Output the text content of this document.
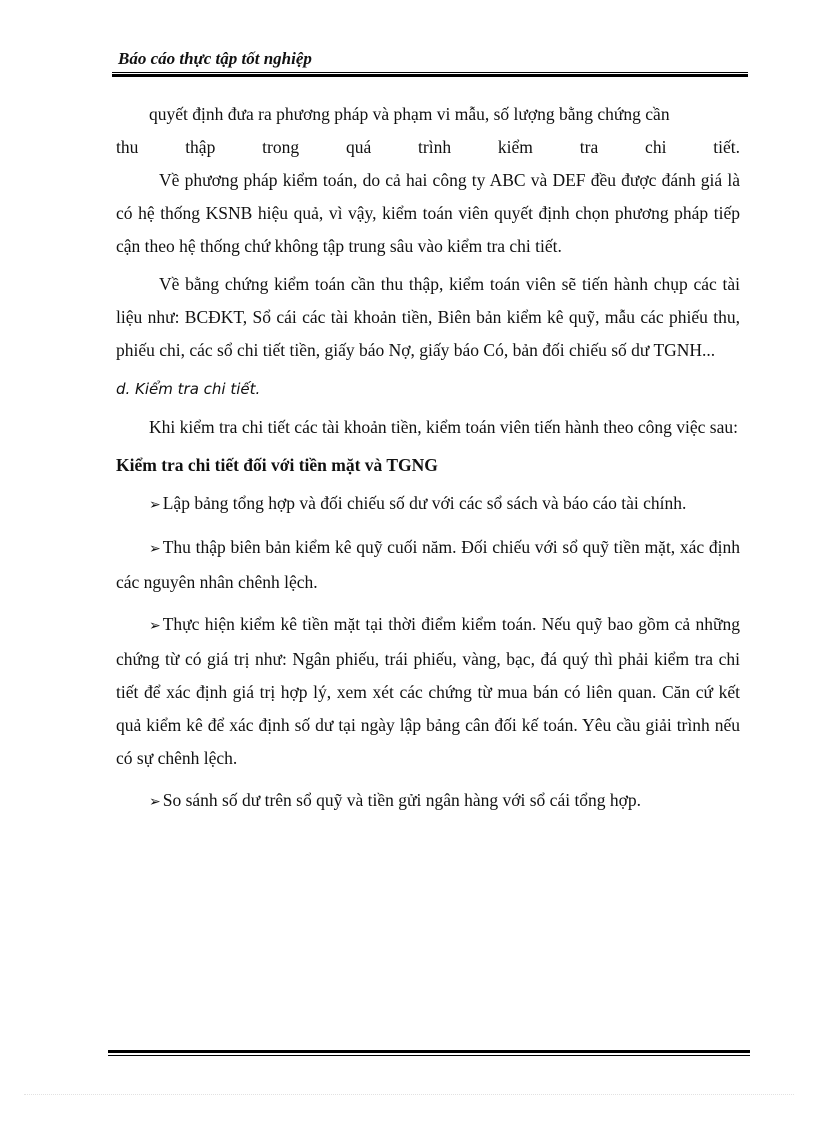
Báo cáo thực tập tốt nghiệp

quyết định đưa ra phương pháp và phạm vi mẫu, số lượng bằng chứng cần

thu thập trong quá trình kiểm tra chi tiết.

Về phương pháp kiểm toán, do cả hai công ty ABC và DEF đều được đánh giá là có hệ thống KSNB hiệu quả, vì vậy, kiểm toán viên quyết định chọn phương pháp tiếp cận theo hệ thống chứ không tập trung sâu vào kiểm tra chi tiết.

Về bằng chứng kiểm toán cần thu thập, kiểm toán viên sẽ tiến hành chụp các tài liệu như: BCĐKT, Sổ cái các tài khoản tiền, Biên bản kiểm kê quỹ, mẫu các phiếu thu, phiếu chi, các sổ chi tiết tiền, giấy báo Nợ, giấy báo Có, bản đối chiếu số dư TGNH...

d. Kiểm tra chi tiết.

Khi kiểm tra chi tiết các tài khoản tiền, kiểm toán viên tiến hành theo công việc sau:

Kiểm tra chi tiết đối với tiền mặt và TGNG

➢ Lập bảng tổng hợp và đối chiếu số dư với các sổ sách và báo cáo tài chính.

➢ Thu thập biên bản kiểm kê quỹ cuối năm. Đối chiếu với sổ quỹ tiền mặt, xác định các nguyên nhân chênh lệch.

➢ Thực hiện kiểm kê tiền mặt tại thời điểm kiểm toán. Nếu quỹ bao gồm cả những chứng từ có giá trị như: Ngân phiếu, trái phiếu, vàng, bạc, đá quý thì phải kiểm tra chi tiết để xác định giá trị hợp lý, xem xét các chứng từ mua bán có liên quan. Căn cứ kết quả kiểm kê để xác định số dư tại ngày lập bảng cân đối kế toán. Yêu cầu giải trình nếu có sự chênh lệch.

➢ So sánh số dư trên sổ quỹ và tiền gửi ngân hàng với sổ cái tổng hợp.
